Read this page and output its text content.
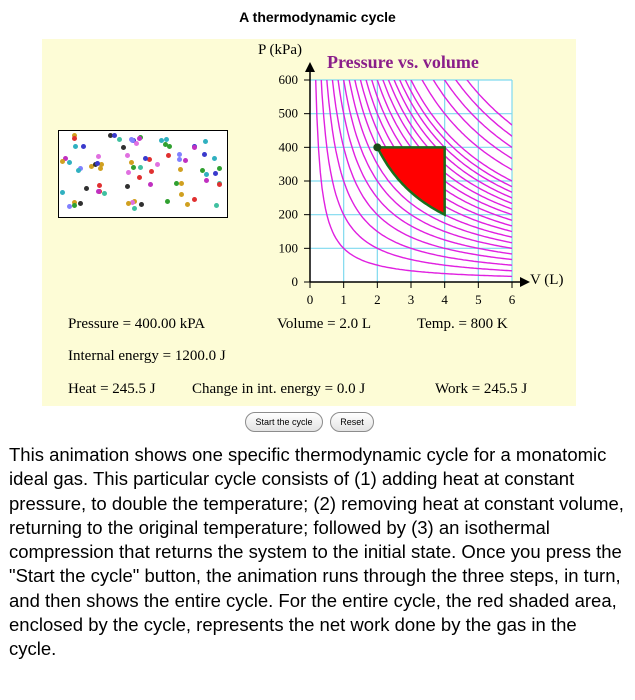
A thermodynamic cycle
0
100
200
300
400
500
600
0 1 2 3 4 5 6
Pressure vs. volume
P (kPa)
V (L)
Pressure = 400.00 kPA	Volume = 2.0 L	Temp. = 800 K
Internal energy = 1200.0 J
Heat = 245.5 J Change in int. energy = 0.0 J	Work = 245.5 J
Start the cycle	Reset
This animation shows one specific thermodynamic cycle for a monatomic ideal gas. This particular cycle consists of (1) adding heat at constant pressure, to double the temperature; (2) removing heat at constant volume, returning to the original temperature; followed by (3) an isothermal compression that returns the system to the initial state. Once you press the "Start the cycle" button, the animation runs through the three steps, in turn, and then shows the entire cycle. For the entire cycle, the red shaded area, enclosed by the cycle, represents the net work done by the gas in the cycle.
